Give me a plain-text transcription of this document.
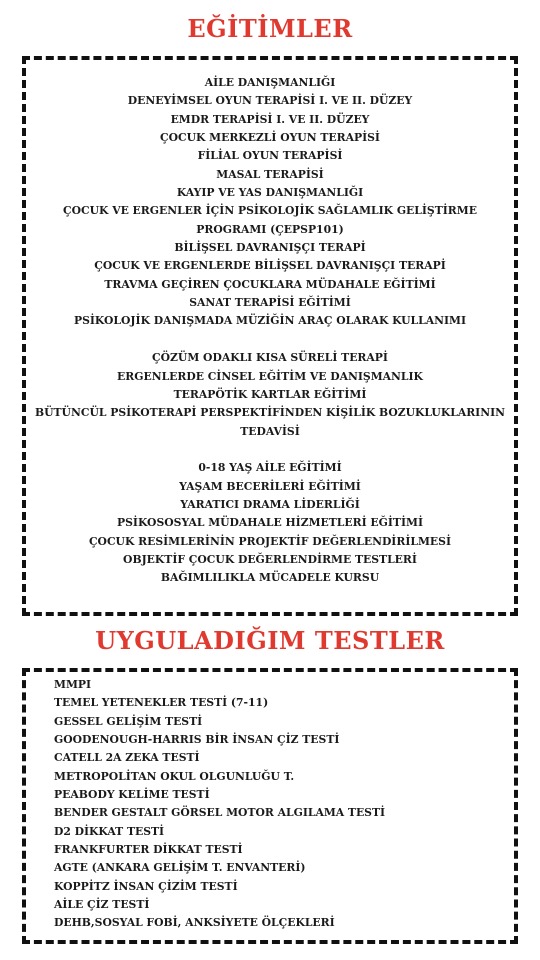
EĞİTİMLER
AİLE DANIŞMANLIĞI
DENEYİMSEL OYUN TERAPİSİ I. VE II. DÜZEY
EMDR TERAPİSİ I. VE II. DÜZEY
ÇOCUK MERKEZLİ OYUN TERAPİSİ
FİLİAL OYUN TERAPİSİ
MASAL TERAPİSİ
KAYIP VE YAS DANIŞMANLIĞI
ÇOCUK VE ERGENLER İÇİN PSİKOLOJİK SAĞLAMLIK GELİŞTİRME PROGRAMI (ÇEPSP101)
BİLİŞSEL DAVRANIŞÇI TERAPİ
ÇOCUK VE ERGENLERDE BİLİŞSEL DAVRANIŞÇI TERAPİ
TRAVMA GEÇİREN ÇOCUKLARA MÜDAHALE EĞİTİMİ
SANAT TERAPİSİ EĞİTİMİ
PSİKOLOJİK DANIŞMADA MÜZİĞİN ARAÇ OLARAK KULLANIMI
ÇÖZÜM ODAKLI KISA SÜRELİ TERAPİ
ERGENLERDE CİNSEL EĞİTİM VE DANIŞMANLIK
TERAPÖTİK KARTLAR EĞİTİMİ
BÜTÜNCÜL PSİKOTERAPİ PERSPEKTİFİNDEN KİŞİLİK BOZUKLUKLARININ TEDAVİSİ
0-18 YAŞ AİLE EĞİTİMİ
YAŞAM BECERİLERİ EĞİTİMİ
YARATICI DRAMA LİDERLİĞİ
PSİKOSOSYAL MÜDAHALE HİZMETLERİ EĞİTİMİ
ÇOCUK RESİMLERİNİN PROJEKTİF DEĞERLENDİRİLMESİ
OBJEKTİF ÇOCUK DEĞERLENDİRME TESTLERİ
BAĞIMLILIKLA MÜCADELE KURSU
UYGULADIĞIM TESTLER
MMPI
TEMEL YETENEKLER TESTİ (7-11)
GESSEL GELİŞİM TESTİ
GOODENOUGH-HARRIS BİR İNSAN ÇİZ TESTİ
CATELL 2A ZEKA TESTİ
METROPOLİTAN OKUL OLGUNLUĞU T.
PEABODY KELİME TESTİ
BENDER GESTALT GÖRSEL MOTOR ALGILAMA TESTİ
D2 DİKKAT TESTİ
FRANKFURTER DİKKAT TESTİ
AGTE (ANKARA GELİŞİM T. ENVANTERİ)
KOPPİTZ İNSAN ÇİZİM TESTİ
AİLE ÇİZ TESTİ
DEHB,SOSYAL FOBİ, ANKSİYETE ÖLÇEKLERİ
